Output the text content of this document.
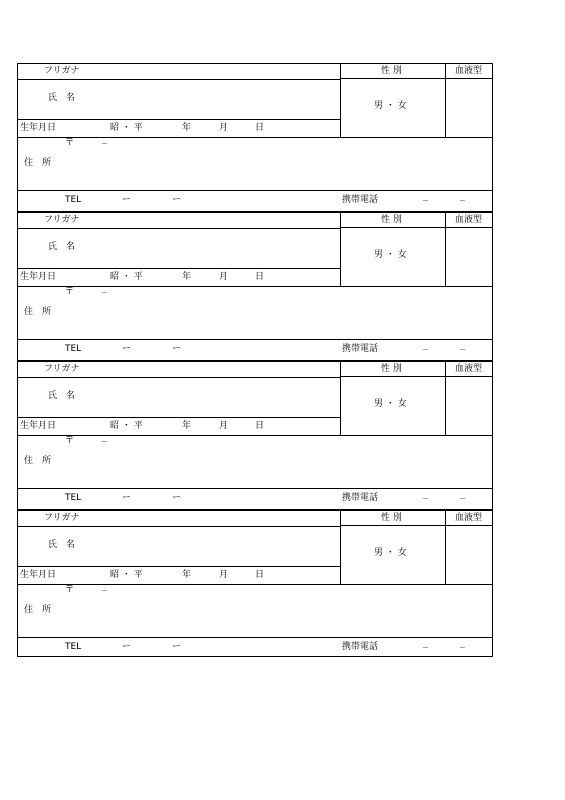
フリガナ	性 別	血液型
氏　名
男 ・ 女
生年月日	昭 ・ 平	年	月	日
〒	−
住　所
TEL	ー	ー	携帯電話	−	−
フリガナ	性 別	血液型
氏　名
男 ・ 女
生年月日	昭 ・ 平	年	月	日
〒	−
住　所
TEL	ー	ー	携帯電話	−	−
フリガナ	性 別	血液型
氏　名
男 ・ 女
生年月日	昭 ・ 平	年	月	日
〒	−
住　所
TEL	ー	ー	携帯電話	−	−
フリガナ	性 別	血液型
氏　名
男 ・ 女
生年月日	昭 ・ 平	年	月	日
〒	−
住　所
TEL	ー	ー	携帯電話	−	−
